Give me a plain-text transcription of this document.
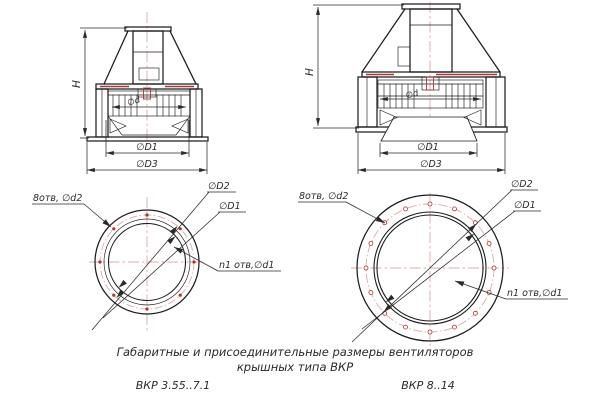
H
∅d
∅D1
∅D3
H
∅d
∅D1
∅D3
8отв, ∅d2
∅D2
∅D1
n1 отв,∅d1
8отв, ∅d2
∅D2
∅D1
n1 отв,∅d1
Габаритные и присоединительные размеры вентиляторов
крышных типа ВКР
ВКР 3.55..7.1	ВКР 8..14
